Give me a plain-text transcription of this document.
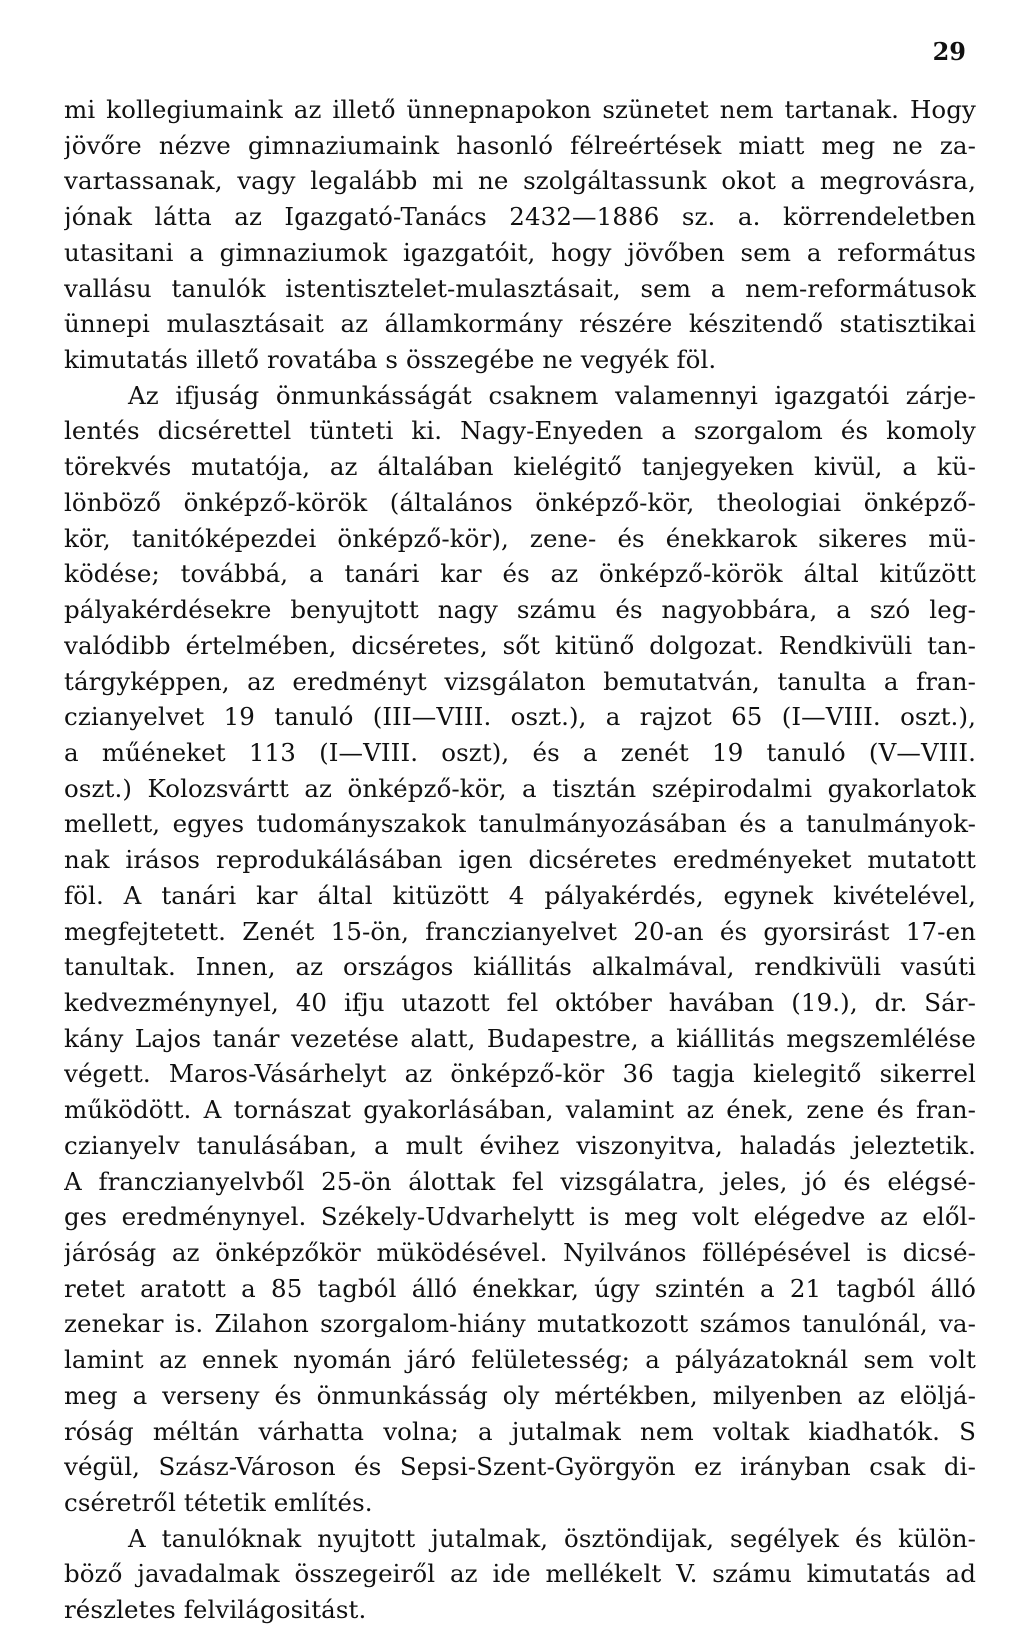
29
mi kollegiumaink az illető ünnepnapokon szünetet nem tartanak. Hogy
jövőre nézve gimnaziumaink hasonló félreértések miatt meg ne za-
vartassanak, vagy legalább mi ne szolgáltassunk okot a megrovásra,
jónak látta az Igazgató-Tanács 2432—1886 sz. a. körrendeletben
utasitani a gimnaziumok igazgatóit, hogy jövőben sem a református
vallásu tanulók istentisztelet-mulasztásait, sem a nem-reformátusok
ünnepi mulasztásait az államkormány részére készitendő statisztikai
kimutatás illető rovatába s összegébe ne vegyék föl.
Az ifjuság önmunkásságát csaknem valamennyi igazgatói zárje-
lentés dicsérettel tünteti ki. Nagy-Enyeden a szorgalom és komoly
törekvés mutatója, az általában kielégitő tanjegyeken kivül, a kü-
lönböző önképző-körök (általános önképző-kör, theologiai önképző-
kör, tanitóképezdei önképző-kör), zene- és énekkarok sikeres mü-
ködése; továbbá, a tanári kar és az önképző-körök által kitűzött
pályakérdésekre benyujtott nagy számu és nagyobbára, a szó leg-
valódibb értelmében, dicséretes, sőt kitünő dolgozat. Rendkivüli tan-
tárgyképpen, az eredményt vizsgálaton bemutatván, tanulta a fran-
czianyelvet 19 tanuló (III—VIII. oszt.), a rajzot 65 (I—VIII. oszt.),
a műéneket 113 (I—VIII. oszt), és a zenét 19 tanuló (V—VIII.
oszt.) Kolozsvártt az önképző-kör, a tisztán szépirodalmi gyakorlatok
mellett, egyes tudományszakok tanulmányozásában és a tanulmányok-
nak irásos reprodukálásában igen dicséretes eredményeket mutatott
föl. A tanári kar által kitüzött 4 pályakérdés, egynek kivételével,
megfejtetett. Zenét 15-ön, franczianyelvet 20-an és gyorsirást 17-en
tanultak. Innen, az országos kiállitás alkalmával, rendkivüli vasúti
kedvezménynyel, 40 ifju utazott fel október havában (19.), dr. Sár-
kány Lajos tanár vezetése alatt, Budapestre, a kiállitás megszemlélése
végett. Maros-Vásárhelyt az önképző-kör 36 tagja kielegitő sikerrel
működött. A tornászat gyakorlásában, valamint az ének, zene és fran-
czianyelv tanulásában, a mult évihez viszonyitva, haladás jeleztetik.
A franczianyelvből 25-ön álottak fel vizsgálatra, jeles, jó és elégsé-
ges eredménynyel. Székely-Udvarhelytt is meg volt elégedve az elől-
járóság az önképzőkör müködésével. Nyilvános föllépésével is dicsé-
retet aratott a 85 tagból álló énekkar, úgy szintén a 21 tagból álló
zenekar is. Zilahon szorgalom-hiány mutatkozott számos tanulónál, va-
lamint az ennek nyomán járó felületesség; a pályázatoknál sem volt
meg a verseny és önmunkásság oly mértékben, milyenben az elölj‌á-
róság méltán várhatta volna; a jutalmak nem voltak kiadhatók. S
végül, Szász-Városon és Sepsi-Szent-Györgyön ez irányban csak di-
cséretről tétetik említés.
A tanulóknak nyujtott jutalmak, ösztöndijak, segélyek és külön-
böző javadalmak összegeiről az ide mellékelt V. számu kimutatás ad
részletes felvilágositást.
